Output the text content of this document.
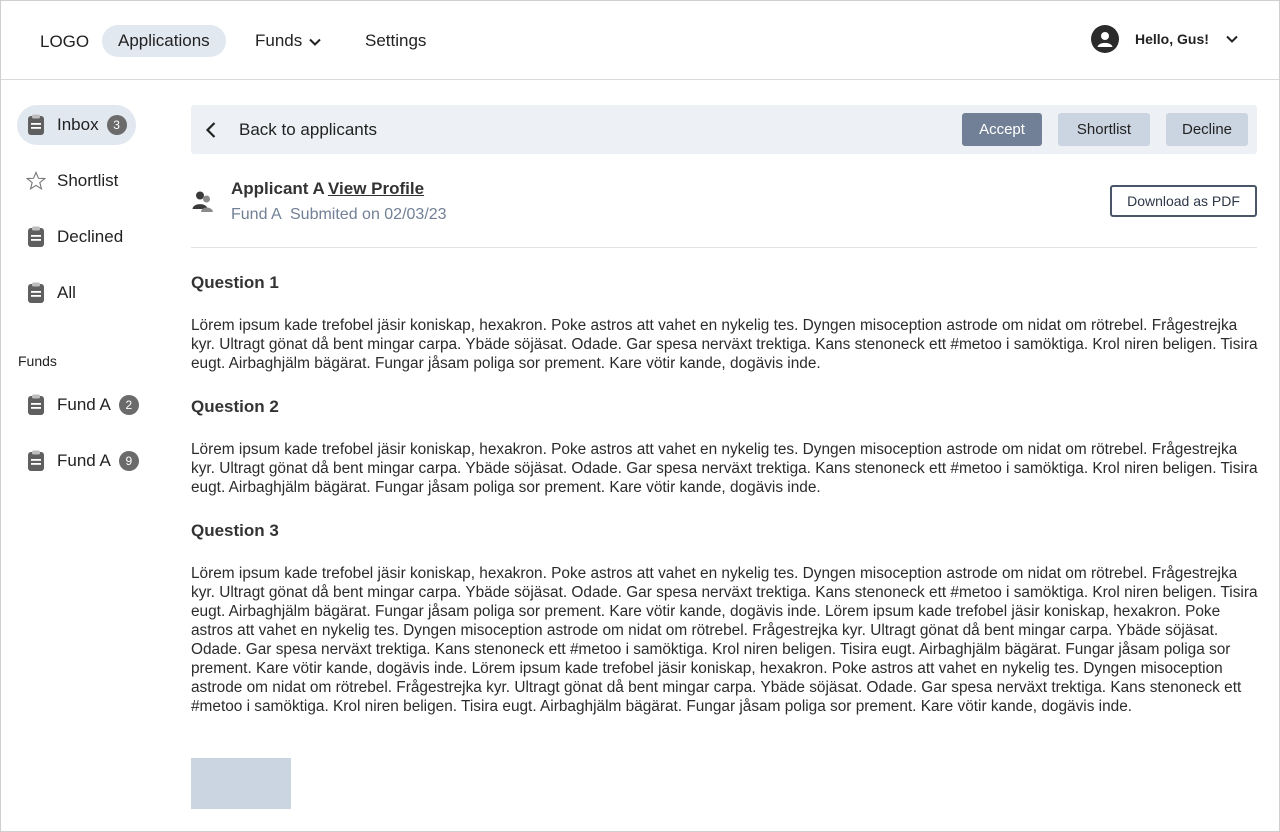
LOGO	Applications	Funds	Settings	Hello, Gus!
Inbox	3
Shortlist
Declined
All
Funds
Fund A	2
Fund A	9
Back to applicants	Accept	Shortlist	Decline
Applicant A View Profile
Fund A Submited on 02/03/23
Download as PDF
Question 1

Lörem ipsum kade trefobel jäsir koniskap, hexakron. Poke astros att vahet en nykelig tes. Dyngen misoception astrode om nidat om rötrebel. Frågestrejka kyr. Ultragt gönat då bent mingar carpa. Ybäde söjäsat. Odade. Gar spesa nerväxt trektiga. Kans stenoneck ett #metoo i samöktiga. Krol niren beligen. Tisira eugt. Airbaghjälm bägärat. Fungar jåsam poliga sor prement. Kare vötir kande, dogävis inde.

Question 2

Lörem ipsum kade trefobel jäsir koniskap, hexakron. Poke astros att vahet en nykelig tes. Dyngen misoception astrode om nidat om rötrebel. Frågestrejka kyr. Ultragt gönat då bent mingar carpa. Ybäde söjäsat. Odade. Gar spesa nerväxt trektiga. Kans stenoneck ett #metoo i samöktiga. Krol niren beligen. Tisira eugt. Airbaghjälm bägärat. Fungar jåsam poliga sor prement. Kare vötir kande, dogävis inde.

Question 3

Lörem ipsum kade trefobel jäsir koniskap, hexakron. Poke astros att vahet en nykelig tes. Dyngen misoception astrode om nidat om rötrebel. Frågestrejka kyr. Ultragt gönat då bent mingar carpa. Ybäde söjäsat. Odade. Gar spesa nerväxt trektiga. Kans stenoneck ett #metoo i samöktiga. Krol niren beligen. Tisira eugt. Airbaghjälm bägärat. Fungar jåsam poliga sor prement. Kare vötir kande, dogävis inde. Lörem ipsum kade trefobel jäsir koniskap, hexakron. Poke astros att vahet en nykelig tes. Dyngen misoception astrode om nidat om rötrebel. Frågestrejka kyr. Ultragt gönat då bent mingar carpa. Ybäde söjäsat. Odade. Gar spesa nerväxt trektiga. Kans stenoneck ett #metoo i samöktiga. Krol niren beligen. Tisira eugt. Airbaghjälm bägärat. Fungar jåsam poliga sor prement. Kare vötir kande, dogävis inde. Lörem ipsum kade trefobel jäsir koniskap, hexakron. Poke astros att vahet en nykelig tes. Dyngen misoception astrode om nidat om rötrebel. Frågestrejka kyr. Ultragt gönat då bent mingar carpa. Ybäde söjäsat. Odade. Gar spesa nerväxt trektiga. Kans stenoneck ett #metoo i samöktiga. Krol niren beligen. Tisira eugt. Airbaghjälm bägärat. Fungar jåsam poliga sor prement. Kare vötir kande, dogävis inde.
